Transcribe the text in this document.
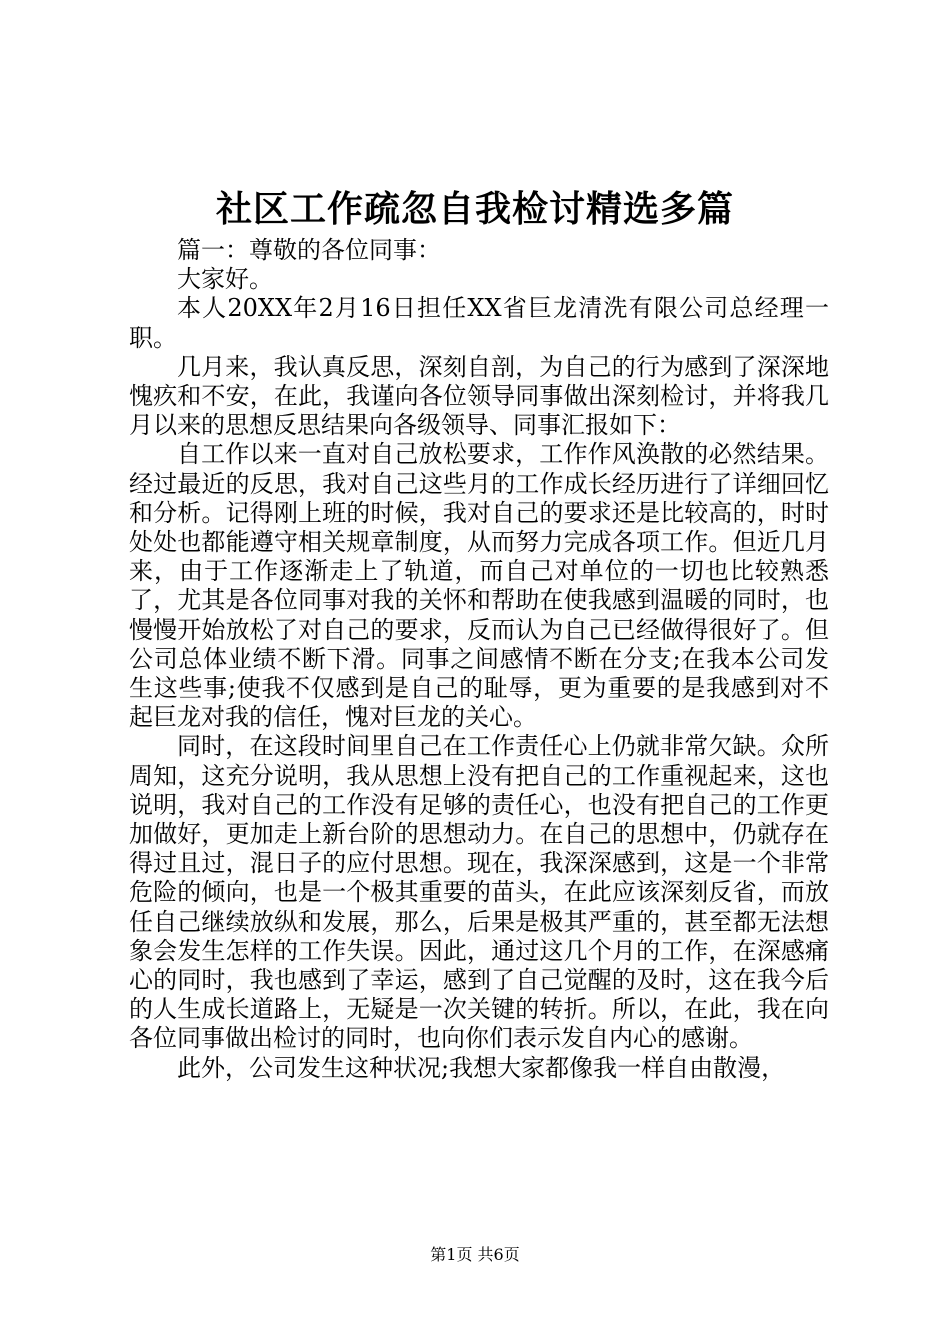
社区工作疏忽自我检讨精选多篇

篇一：尊敬的各位同事：

大家好。

本人20XX年2月16日担任XX省巨龙清洗有限公司总经理一职。

几月来，我认真反思，深刻自剖，为自己的行为感到了深深地愧疚和不安，在此，我谨向各位领导同事做出深刻检讨，并将我几月以来的思想反思结果向各级领导、同事汇报如下：

自工作以来一直对自己放松要求，工作作风涣散的必然结果。经过最近的反思，我对自己这些月的工作成长经历进行了详细回忆和分析。记得刚上班的时候，我对自己的要求还是比较高的，时时处处也都能遵守相关规章制度，从而努力完成各项工作。但近几月来，由于工作逐渐走上了轨道，而自己对单位的一切也比较熟悉了，尤其是各位同事对我的关怀和帮助在使我感到温暖的同时，也慢慢开始放松了对自己的要求，反而认为自己已经做得很好了。但公司总体业绩不断下滑。同事之间感情不断在分支;在我本公司发生这些事;使我不仅感到是自己的耻辱，更为重要的是我感到对不起巨龙对我的信任，愧对巨龙的关心。

同时，在这段时间里自己在工作责任心上仍就非常欠缺。众所周知，这充分说明，我从思想上没有把自己的工作重视起来，这也说明，我对自己的工作没有足够的责任心，也没有把自己的工作更加做好，更加走上新台阶的思想动力。在自己的思想中，仍就存在得过且过，混日子的应付思想。现在，我深深感到，这是一个非常危险的倾向，也是一个极其重要的苗头，在此应该深刻反省，而放任自己继续放纵和发展，那么，后果是极其严重的，甚至都无法想象会发生怎样的工作失误。因此，通过这几个月的工作，在深感痛心的同时，我也感到了幸运，感到了自己觉醒的及时，这在我今后的人生成长道路上，无疑是一次关键的转折。所以，在此，我在向各位同事做出检讨的同时，也向你们表示发自内心的感谢。

此外，公司发生这种状况;我想大家都像我一样自由散漫，

第1页 共6页
